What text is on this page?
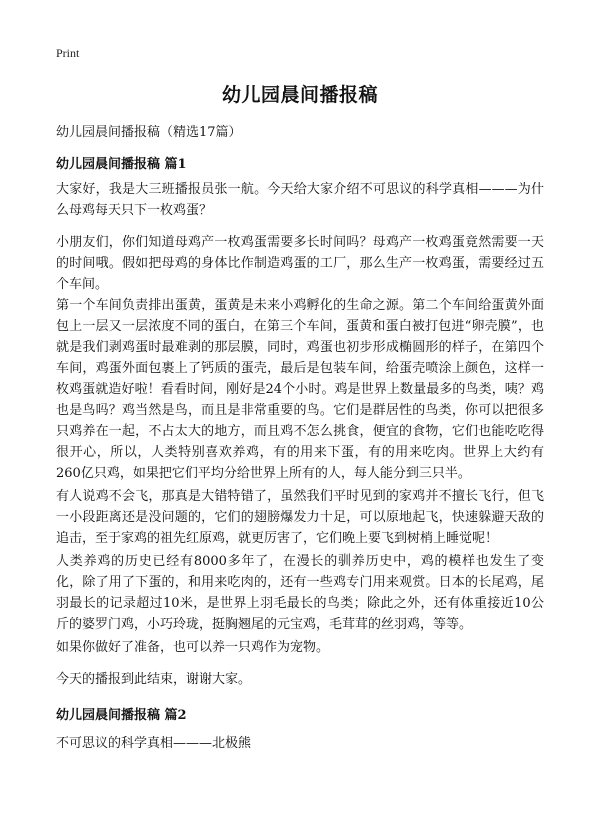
Print
幼儿园晨间播报稿
幼儿园晨间播报稿（精选17篇）
幼儿园晨间播报稿 篇1

大家好，我是大三班播报员张一航。今天给大家介绍不可思议的科学真相———为什么母鸡每天只下一枚鸡蛋？

小朋友们，你们知道母鸡产一枚鸡蛋需要多长时间吗？母鸡产一枚鸡蛋竟然需要一天的时间哦。假如把母鸡的身体比作制造鸡蛋的工厂，那么生产一枚鸡蛋，需要经过五个车间。

第一个车间负责排出蛋黄，蛋黄是未来小鸡孵化的生命之源。第二个车间给蛋黄外面包上一层又一层浓度不同的蛋白，在第三个车间，蛋黄和蛋白被打包进“卵壳膜”，也就是我们剥鸡蛋时最难剥的那层膜，同时，鸡蛋也初步形成椭圆形的样子，在第四个车间，鸡蛋外面包裹上了钙质的蛋壳，最后是包装车间，给蛋壳喷涂上颜色，这样一枚鸡蛋就造好啦！看看时间，刚好是24个小时。鸡是世界上数量最多的鸟类，咦？鸡也是鸟吗？鸡当然是鸟，而且是非常重要的鸟。它们是群居性的鸟类，你可以把很多只鸡养在一起，不占太大的地方，而且鸡不怎么挑食，便宜的食物，它们也能吃吃得很开心，所以，人类特别喜欢养鸡，有的用来下蛋，有的用来吃肉。世界上大约有260亿只鸡，如果把它们平均分给世界上所有的人，每人能分到三只半。

有人说鸡不会飞，那真是大错特错了，虽然我们平时见到的家鸡并不擅长飞行，但飞一小段距离还是没问题的，它们的翅膀爆发力十足，可以原地起飞，快速躲避天敌的追击，至于家鸡的祖先红原鸡，就更厉害了，它们晚上要飞到树梢上睡觉呢！

人类养鸡的历史已经有8000多年了，在漫长的驯养历史中，鸡的模样也发生了变化，除了用了下蛋的，和用来吃肉的，还有一些鸡专门用来观赏。日本的长尾鸡，尾羽最长的记录超过10米，是世界上羽毛最长的鸟类；除此之外，还有体重接近10公斤的婆罗门鸡，小巧玲珑，挺胸翘尾的元宝鸡，毛茸茸的丝羽鸡，等等。

如果你做好了准备，也可以养一只鸡作为宠物。

今天的播报到此结束，谢谢大家。

幼儿园晨间播报稿 篇2

不可思议的科学真相———北极熊
